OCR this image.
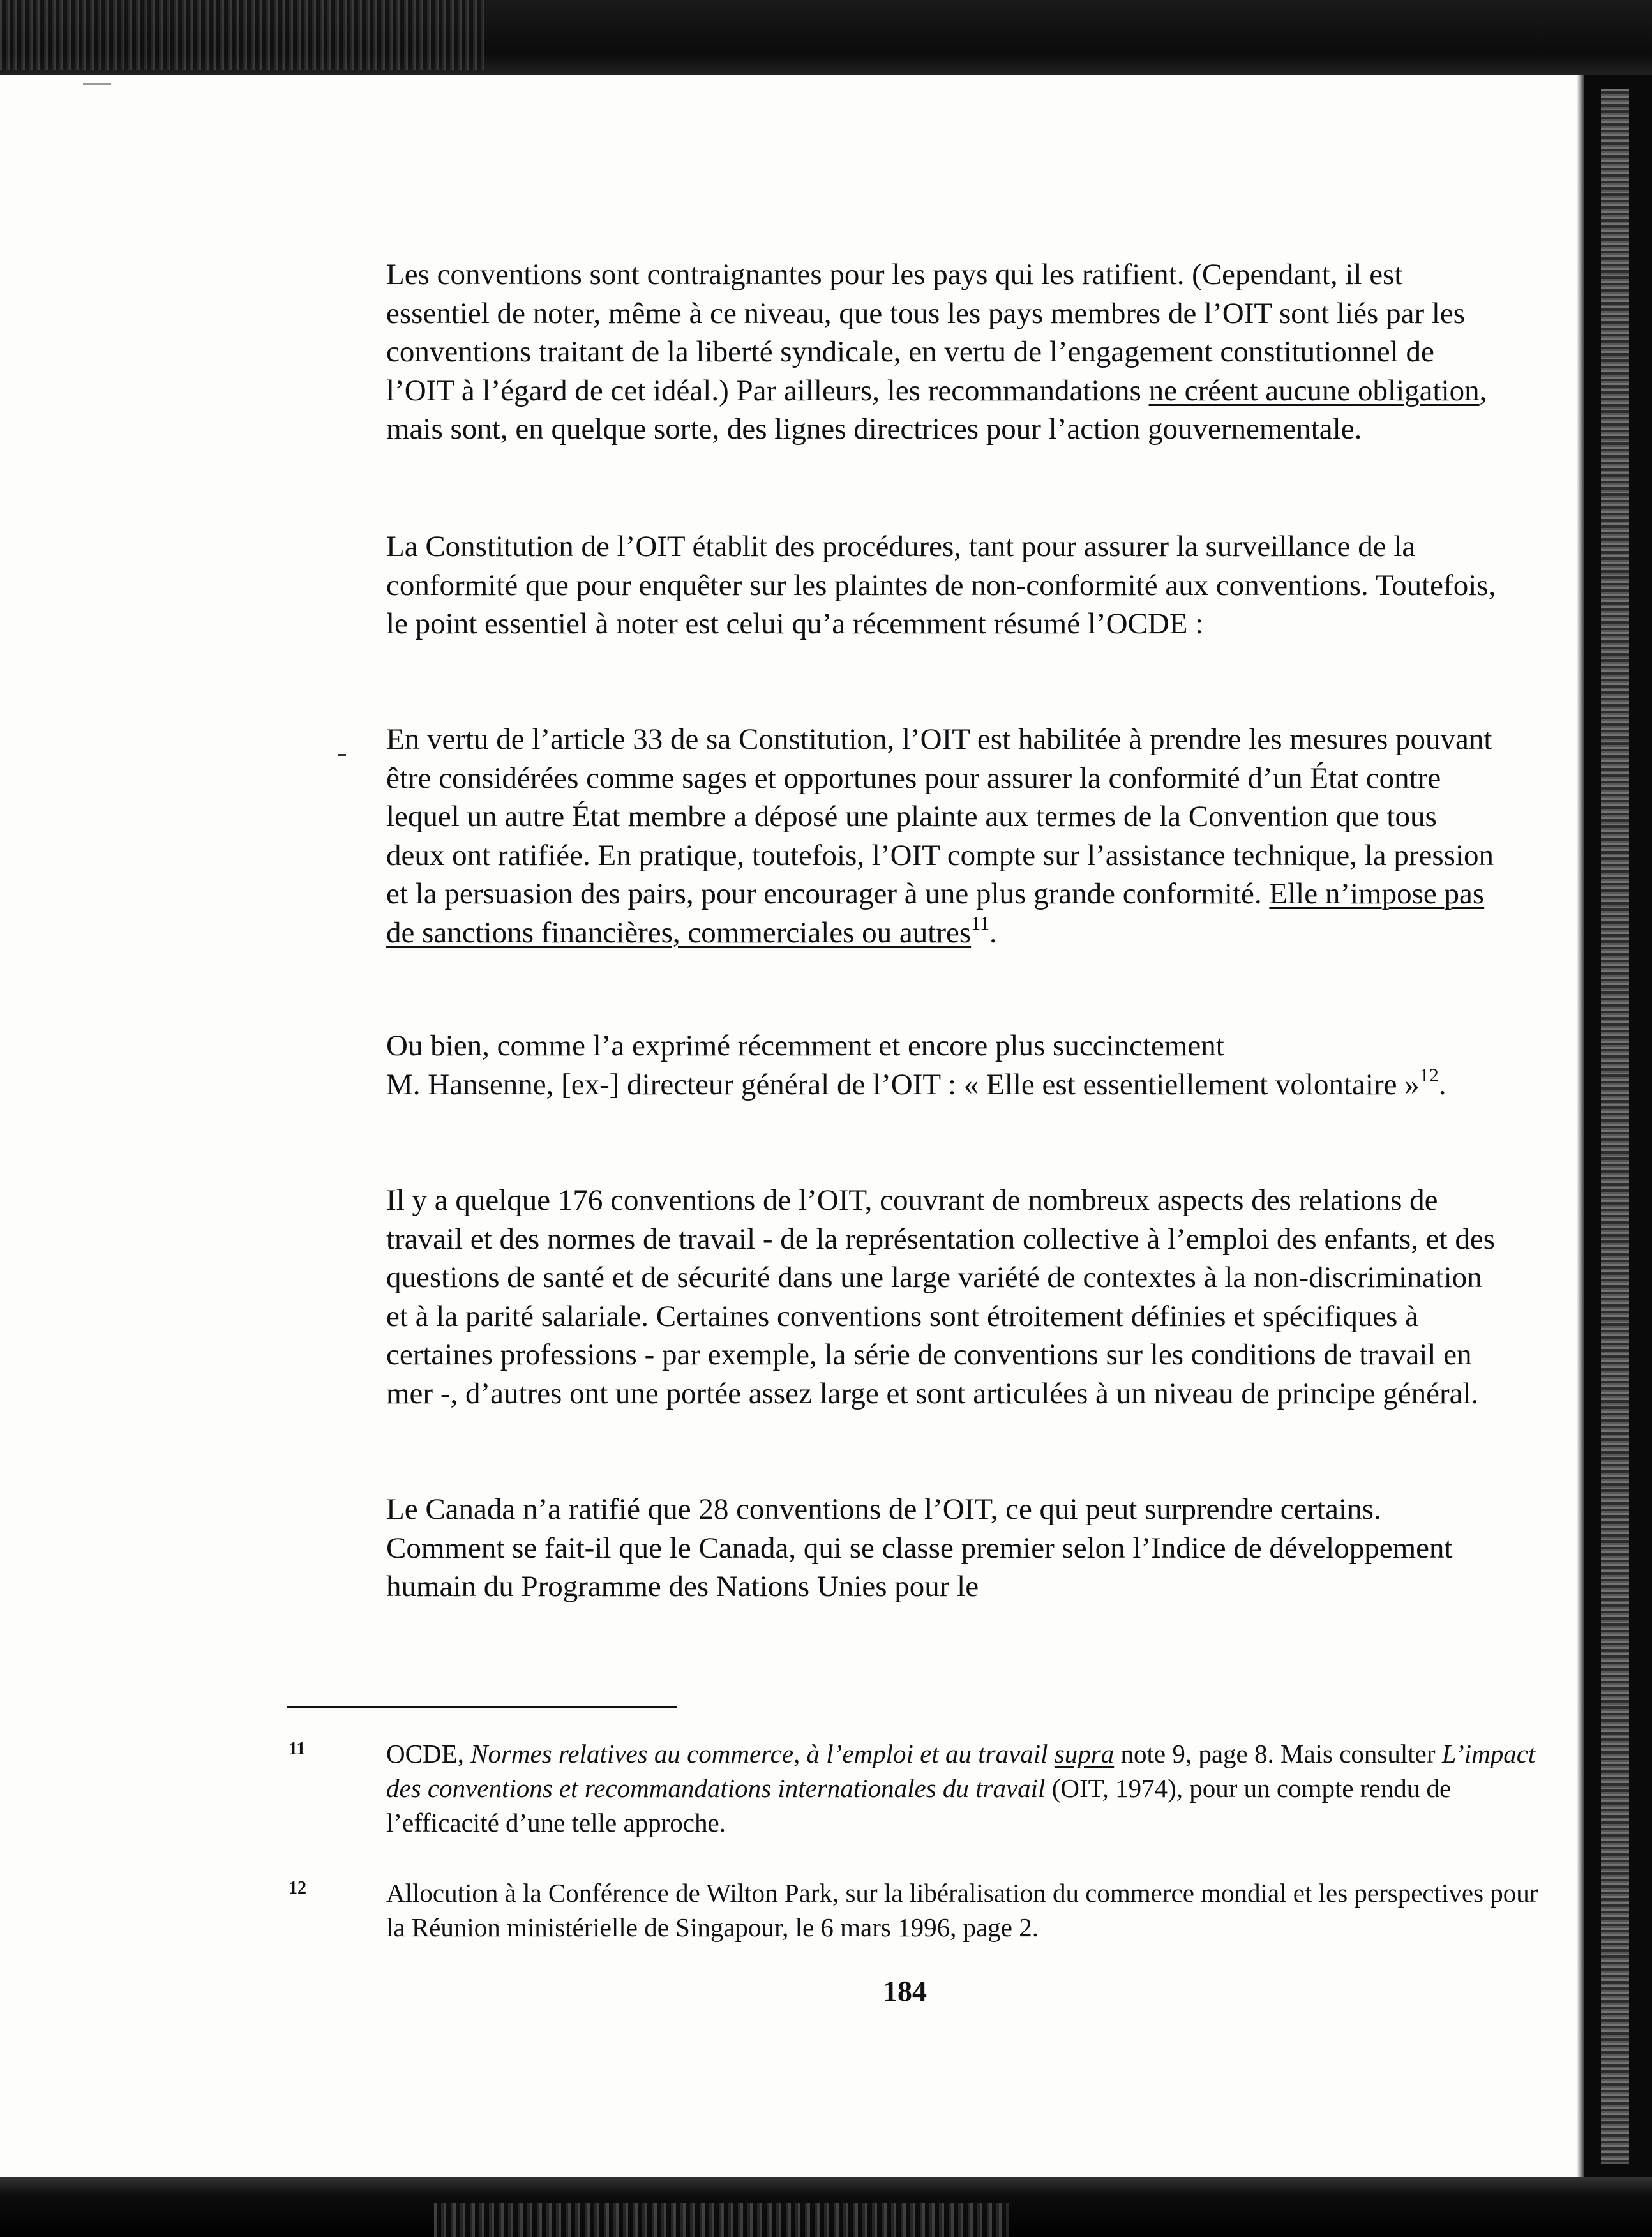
Les conventions sont contraignantes pour les pays qui les ratifient. (Cependant, il est essentiel de noter, même à ce niveau, que tous les pays membres de l’OIT sont liés par les conventions traitant de la liberté syndicale, en vertu de l’engagement constitutionnel de l’OIT à l’égard de cet idéal.) Par ailleurs, les recommandations ne créent aucune obligation, mais sont, en quelque sorte, des lignes directrices pour l’action gouvernementale.

La Constitution de l’OIT établit des procédures, tant pour assurer la surveillance de la conformité que pour enquêter sur les plaintes de non-conformité aux conventions. Toutefois, le point essentiel à noter est celui qu’a récemment résumé l’OCDE :

En vertu de l’article 33 de sa Constitution, l’OIT est habilitée à prendre les mesures pouvant être considérées comme sages et opportunes pour assurer la conformité d’un État contre lequel un autre État membre a déposé une plainte aux termes de la Convention que tous deux ont ratifiée. En pratique, toutefois, l’OIT compte sur l’assistance technique, la pression et la persuasion des pairs, pour encourager à une plus grande conformité. Elle n’impose pas de sanctions financières, commerciales ou autres$^{11}$.

Ou bien, comme l’a exprimé récemment et encore plus succinctement
M. Hansenne, [ex-] directeur général de l’OIT : « Elle est essentiellement volontaire »$^{12}$.

Il y a quelque 176 conventions de l’OIT, couvrant de nombreux aspects des relations de travail et des normes de travail - de la représentation collective à l’emploi des enfants, et des questions de santé et de sécurité dans une large variété de contextes à la non-discrimination et à la parité salariale. Certaines conventions sont étroitement définies et spécifiques à certaines professions - par exemple, la série de conventions sur les conditions de travail en mer -, d’autres ont une portée assez large et sont articulées à un niveau de principe général.

Le Canada n’a ratifié que 28 conventions de l’OIT, ce qui peut surprendre certains. Comment se fait-il que le Canada, qui se classe premier selon l’Indice de développement humain du Programme des Nations Unies pour le

11	OCDE, Normes relatives au commerce, à l’emploi et au travail supra note 9, page 8. Mais consulter L’impact des conventions et recommandations internationales du travail (OIT, 1974), pour un compte rendu de l’efficacité d’une telle approche.

12	Allocution à la Conférence de Wilton Park, sur la libéralisation du commerce mondial et les perspectives pour la Réunion ministérielle de Singapour, le 6 mars 1996, page 2.

184
